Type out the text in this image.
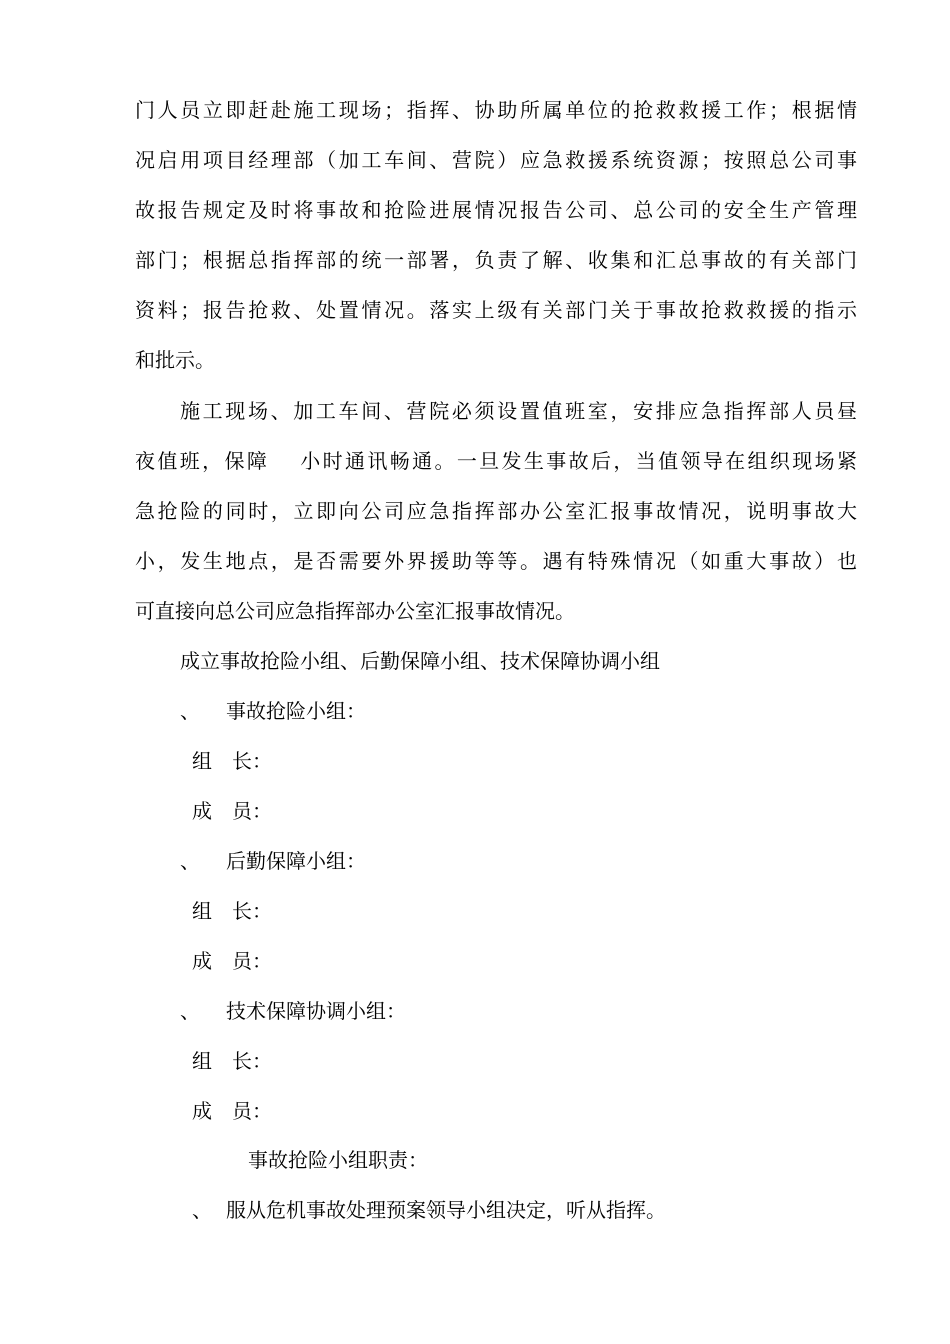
门人员立即赶赴施工现场；指挥、协助所属单位的抢救救援工作；根据情
况启用项目经理部（加工车间、营院）应急救援系统资源；按照总公司事
故报告规定及时将事故和抢险进展情况报告公司、总公司的安全生产管理
部门；根据总指挥部的统一部署，负责了解、收集和汇总事故的有关部门
资料；报告抢救、处置情况。落实上级有关部门关于事故抢救救援的指示
和批示。
施工现场、加工车间、营院必须设置值班室，安排应急指挥部人员昼
夜值班，保障　 小时通讯畅通。一旦发生事故后，当值领导在组织现场紧
急抢险的同时，立即向公司应急指挥部办公室汇报事故情况，说明事故大
小，发生地点，是否需要外界援助等等。遇有特殊情况（如重大事故）也
可直接向总公司应急指挥部办公室汇报事故情况。
成立事故抢险小组、后勤保障小组、技术保障协调小组
、 事故抢险小组：
组　长：
成　员：
、 后勤保障小组：
组　长：
成　员：
、 技术保障协调小组：
组　长：
成　员：
事故抢险小组职责：
、 服从危机事故处理预案领导小组决定，听从指挥。
